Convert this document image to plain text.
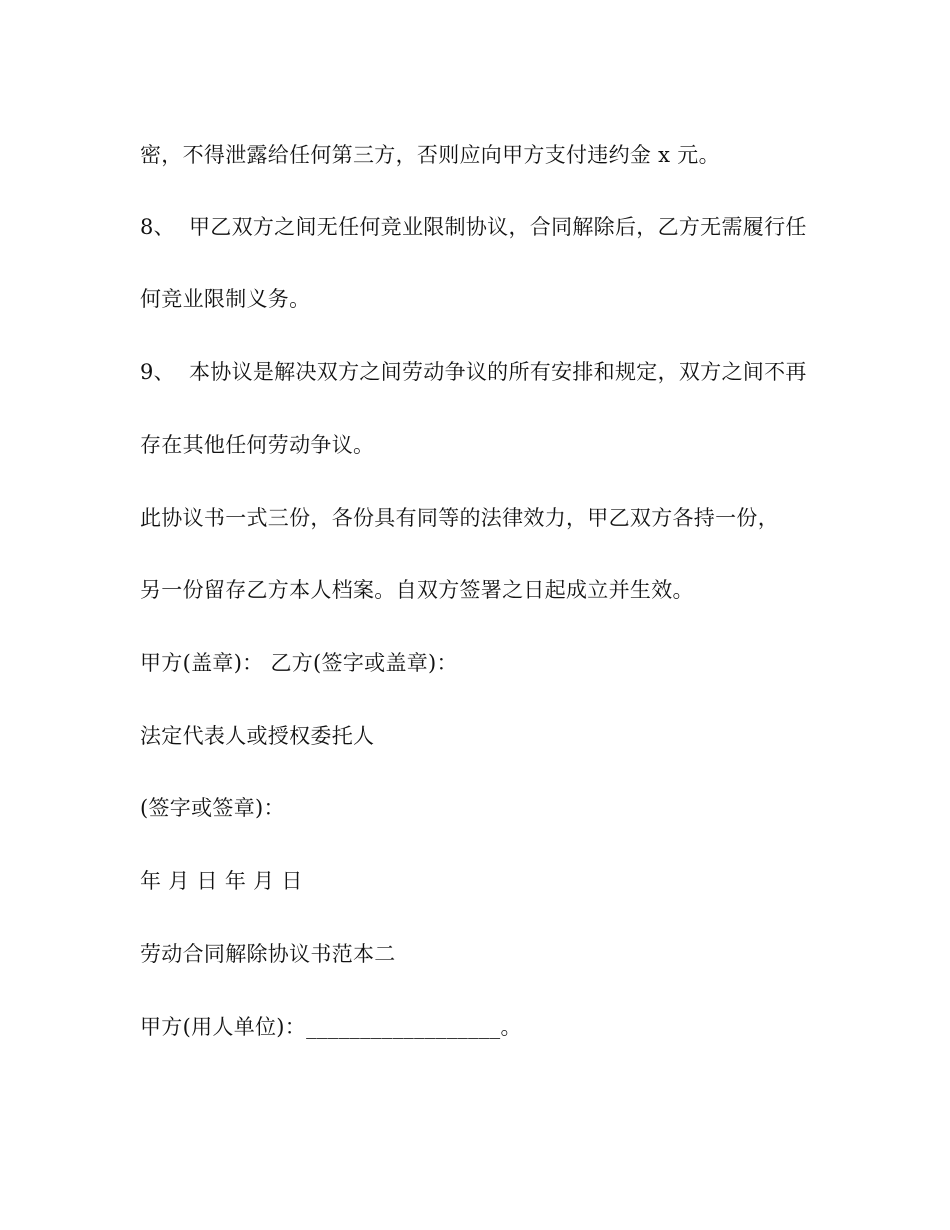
密，不得泄露给任何第三方，否则应向甲方支付违约金 x 元。
8、 甲乙双方之间无任何竞业限制协议，合同解除后，乙方无需履行任
何竞业限制义务。
9、 本协议是解决双方之间劳动争议的所有安排和规定，双方之间不再
存在其他任何劳动争议。
此协议书一式三份，各份具有同等的法律效力，甲乙双方各持一份，
另一份留存乙方本人档案。自双方签署之日起成立并生效。
甲方(盖章)： 乙方(签字或盖章)：
法定代表人或授权委托人
(签字或签章)：
年 月 日 年 月 日
劳动合同解除协议书范本二
甲方(用人单位)：__________________。
